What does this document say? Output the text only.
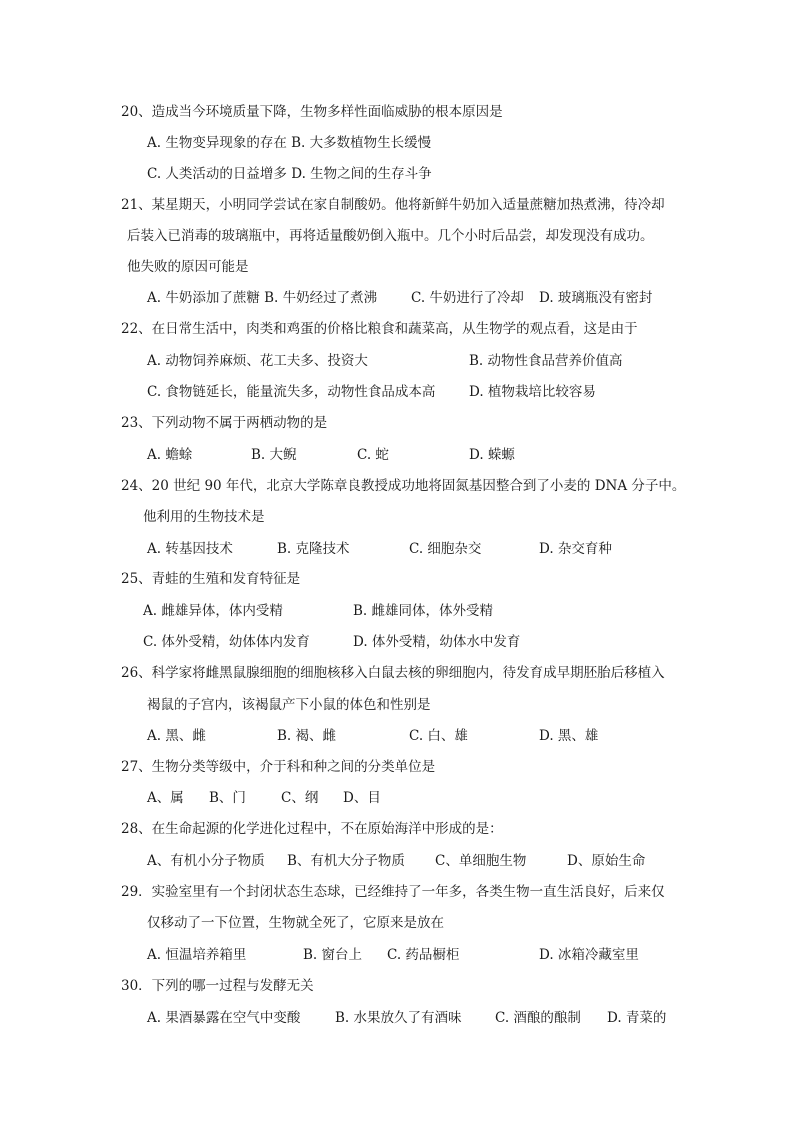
20、造成当今环境质量下降，生物多样性面临威胁的根本原因是
A. 生物变异现象的存在 B. 大多数植物生长缓慢
C. 人类活动的日益增多 D. 生物之间的生存斗争
21、某星期天，小明同学尝试在家自制酸奶。他将新鲜牛奶加入适量蔗糖加热煮沸，待冷却
后装入已消毒的玻璃瓶中，再将适量酸奶倒入瓶中。几个小时后品尝，却发现没有成功。
他失败的原因可能是
A. 牛奶添加了蔗糖 B. 牛奶经过了煮沸	C. 牛奶进行了冷却 D. 玻璃瓶没有密封
22、在日常生活中，肉类和鸡蛋的价格比粮食和蔬菜高，从生物学的观点看，这是由于
A. 动物饲养麻烦、花工夫多、投资大	B. 动物性食品营养价值高
C. 食物链延长，能量流失多，动物性食品成本高 D. 植物栽培比较容易
23、下列动物不属于两栖动物的是
A. 蟾蜍	B. 大鲵	C. 蛇	D. 蝾螈
24、20 世纪 90 年代，北京大学陈章良教授成功地将固氮基因整合到了小麦的 DNA 分子中。
他利用的生物技术是
A. 转基因技术	B. 克隆技术	C. 细胞杂交	D. 杂交育种
25、青蛙的生殖和发育特征是
A. 雌雄异体，体内受精	B. 雌雄同体，体外受精
C. 体外受精，幼体体内发育	D. 体外受精，幼体水中发育
26、科学家将雌黑鼠腺细胞的细胞核移入白鼠去核的卵细胞内，待发育成早期胚胎后移植入
褐鼠的子宫内，该褐鼠产下小鼠的体色和性别是
A. 黑、雌	B. 褐、雌	C. 白、雄	D. 黑、雄
27、生物分类等级中，介于科和种之间的分类单位是
A、属 B、门	C、纲 D、目
28、在生命起源的化学进化过程中，不在原始海洋中形成的是：
A、有机小分子物质 B、有机大分子物质 C、单细胞生物	D、原始生命
29．实验室里有一个封闭状态生态球，已经维持了一年多，各类生物一直生活良好，后来仅
仅移动了一下位置，生物就全死了，它原来是放在
A. 恒温培养箱里	B. 窗台上 C. 药品橱柜	D. 冰箱冷藏室里
30．下列的哪一过程与发酵无关
A. 果酒暴露在空气中变酸	B. 水果放久了有酒味 C. 酒酿的酿制 D. 青菜的
